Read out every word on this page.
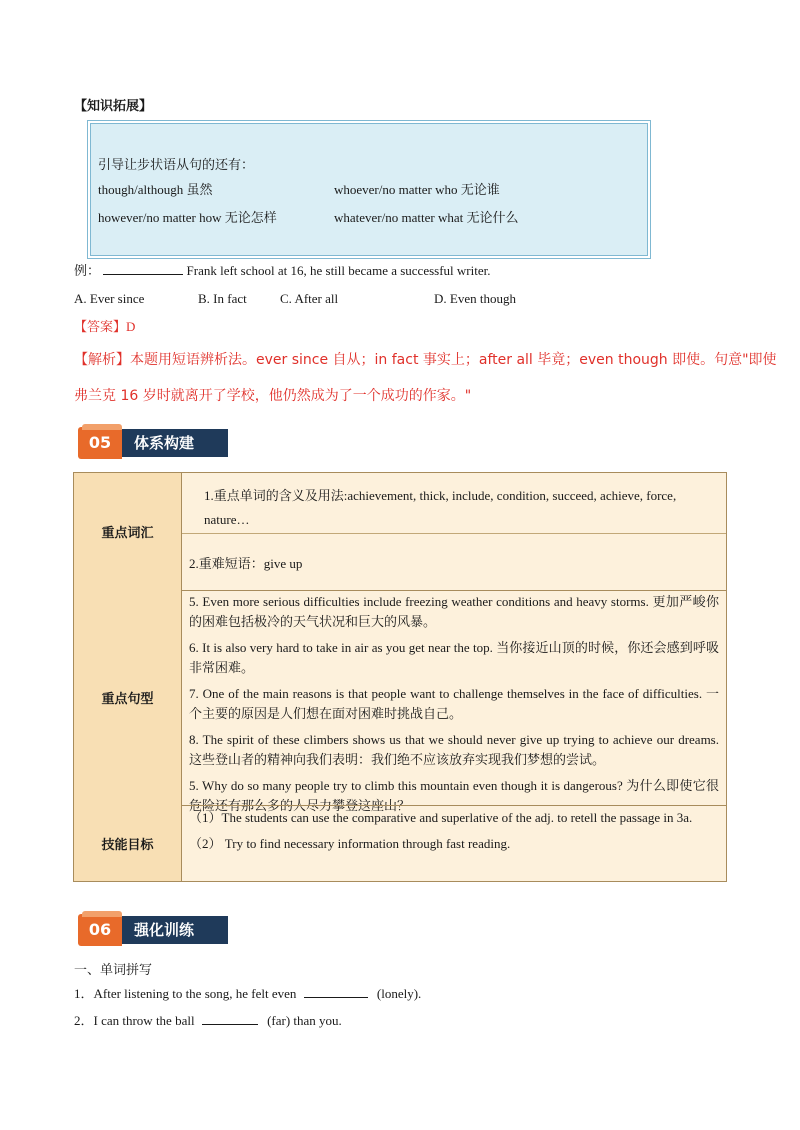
【知识拓展】
引导让步状语从句的还有：
though/although 虽然	whoever/no matter who 无论谁
however/no matter how 无论怎样	whatever/no matter what 无论什么
例：	Frank left school at 16, he still became a successful writer.
A. Ever since	B. In fact	C. After all	D. Even though
【答案】D
【解析】本题用短语辨析法。ever since 自从；in fact 事实上；after all 毕竟；even though 即使。句意"即使
弗兰克 16 岁时就离开了学校，他仍然成为了一个成功的作家。"
05	体系构建
重点词汇
1.重点单词的含义及用法:achievement, thick, include, condition, succeed, achieve, force, nature…
2.重难短语：give up
重点句型

5. Even more serious difficulties include freezing weather conditions and heavy storms. 更加严峻你的困难包括极冷的天气状况和巨大的风暴。

6. It is also very hard to take in air as you get near the top. 当你接近山顶的时候，你还会感到呼吸非常困难。

7. One of the main reasons is that people want to challenge themselves in the face of difficulties. 一个主要的原因是人们想在面对困难时挑战自己。

8. The spirit of these climbers shows us that we should never give up trying to achieve our dreams. 这些登山者的精神向我们表明：我们绝不应该放弃实现我们梦想的尝试。

5. Why do so many people try to climb this mountain even though it is dangerous? 为什么即使它很危险还有那么多的人尽力攀登这座山？

技能目标

（1）The students can use the comparative and superlative of the adj. to retell the passage in 3a.

（2） Try to find necessary information through fast reading.

06	强化训练
一、单词拼写
1．After listening to the song, he felt even	(lonely).
2．I can throw the ball	(far) than you.
